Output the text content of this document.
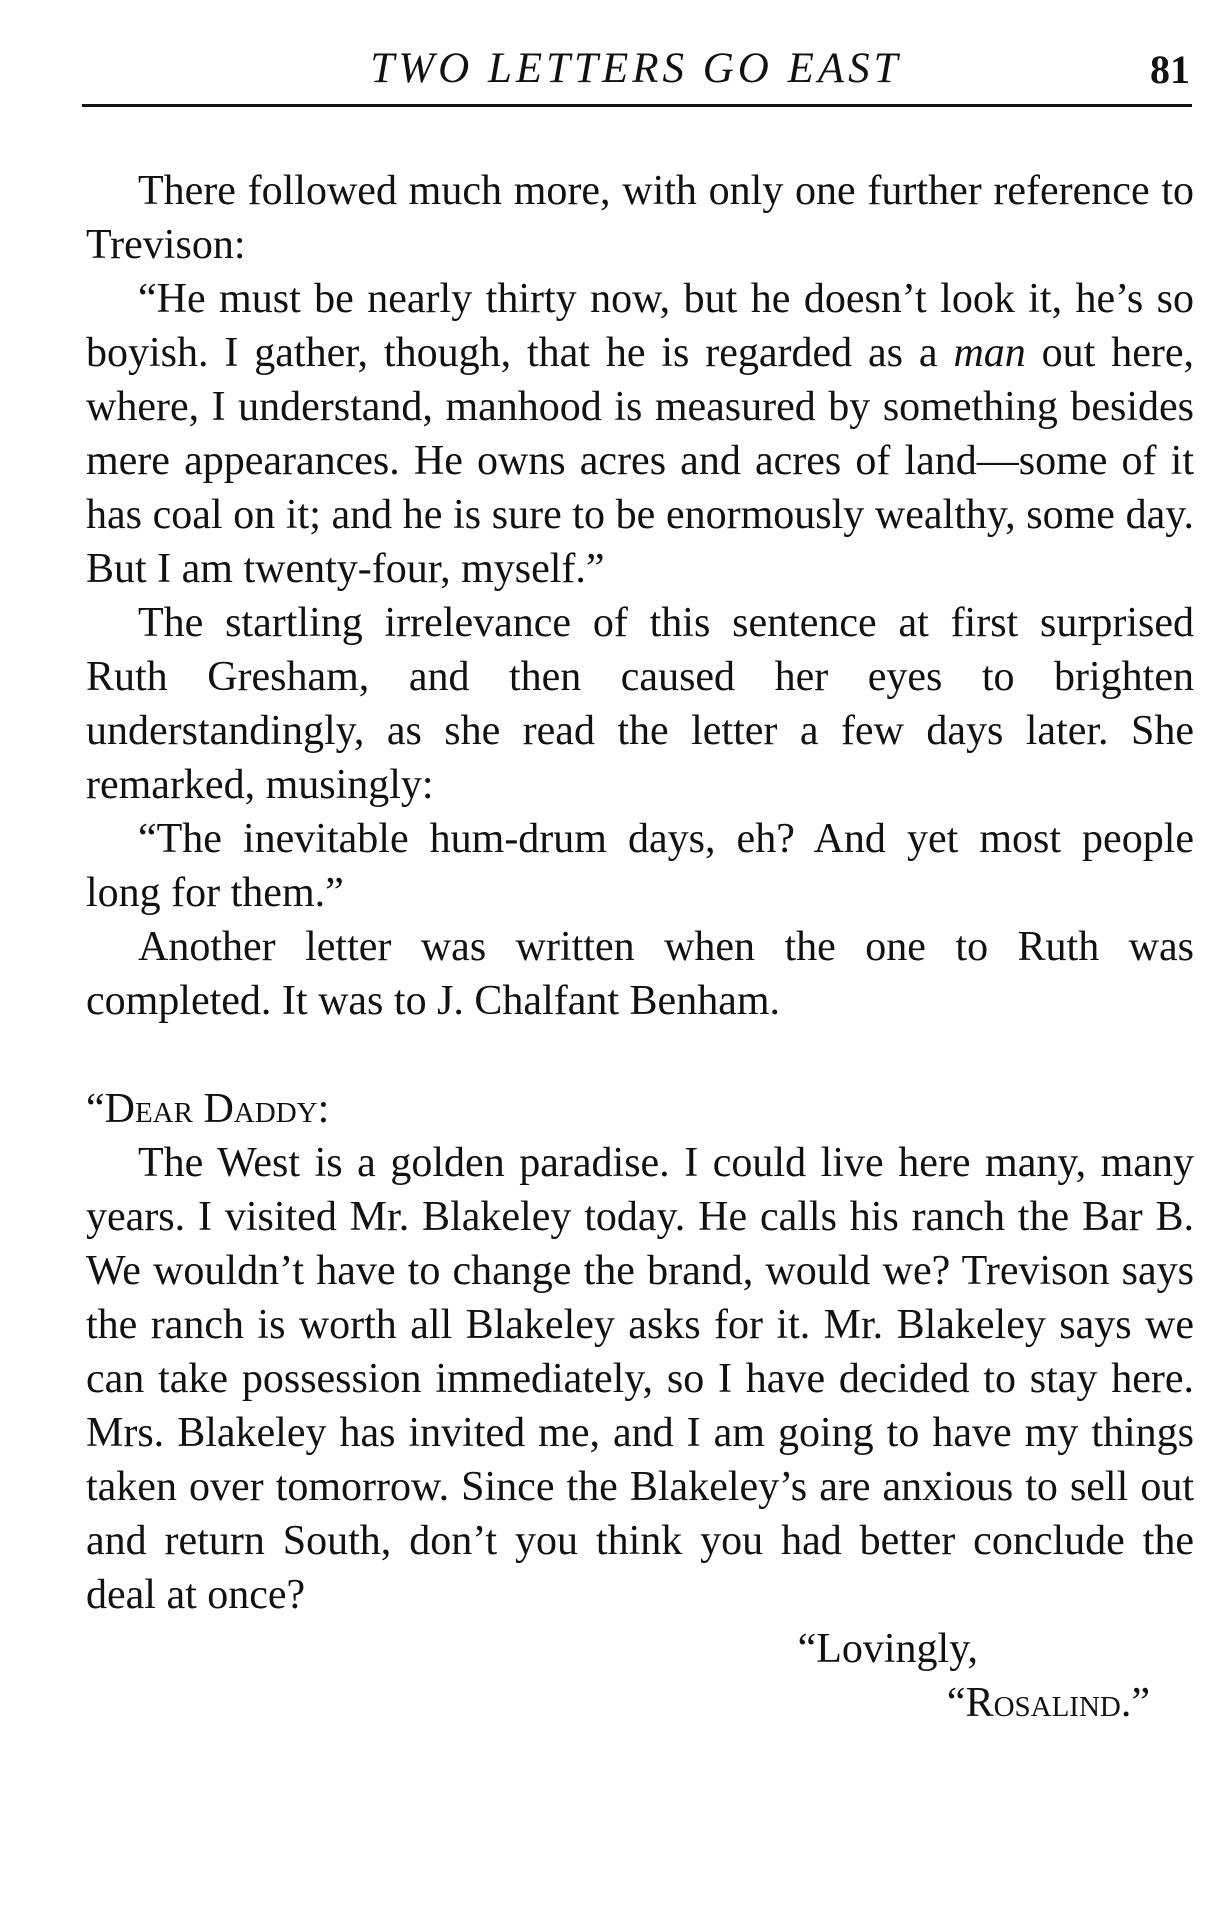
TWO LETTERS GO EAST	81

There followed much more, with only one further reference to Trevison:

“He must be nearly thirty now, but he doesn’t look it, he’s so boyish. I gather, though, that he is regarded as a man out here, where, I understand, manhood is measured by something besides mere appearances. He owns acres and acres of land—some of it has coal on it; and he is sure to be enormously wealthy, some day. But I am twenty-four, myself.”

The startling irrelevance of this sentence at first surprised Ruth Gresham, and then caused her eyes to brighten understandingly, as she read the letter a few days later. She remarked, musingly:

“The inevitable hum-drum days, eh? And yet most people long for them.”

Another letter was written when the one to Ruth was completed. It was to J. Chalfant Benham.

“Dear Daddy:

The West is a golden paradise. I could live here many, many years. I visited Mr. Blakeley today. He calls his ranch the Bar B. We wouldn’t have to change the brand, would we? Trevison says the ranch is worth all Blakeley asks for it. Mr. Blakeley says we can take possession immediately, so I have decided to stay here. Mrs. Blakeley has invited me, and I am going to have my things taken over tomorrow. Since the Blakeley’s are anxious to sell out and return South, don’t you think you had better conclude the deal at once?

“Lovingly,

“Rosalind.”
